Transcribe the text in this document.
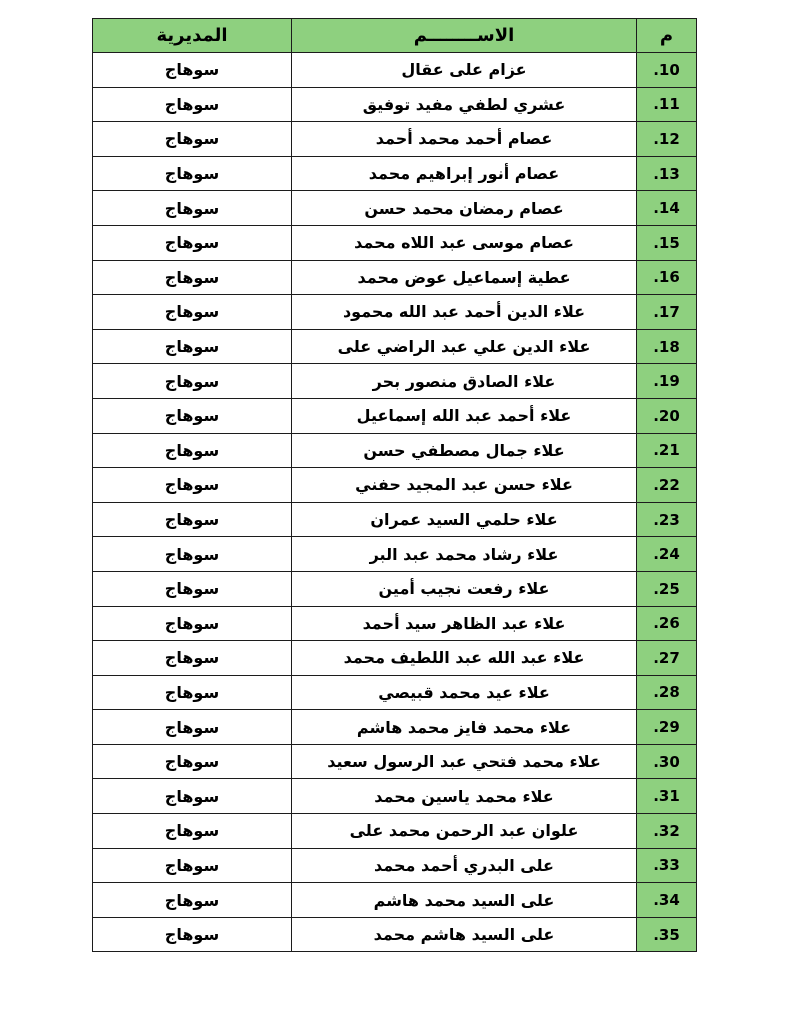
م	الاســــــــم	المديرية
10.	عزام على عقال	سوهاج
11.	عشري لطفي مفيد توفيق	سوهاج
12.	عصام أحمد محمد أحمد	سوهاج
13.	عصام أنور إبراهيم محمد	سوهاج
14.	عصام رمضان محمد حسن	سوهاج
15.	عصام موسى عبد اللاه محمد	سوهاج
16.	عطية إسماعيل عوض محمد	سوهاج
17.	علاء الدين أحمد عبد الله محمود	سوهاج
18.	علاء الدين علي عبد الراضي على	سوهاج
19.	علاء الصادق منصور بحر	سوهاج
20.	علاء أحمد عبد الله إسماعيل	سوهاج
21.	علاء جمال مصطفي حسن	سوهاج
22.	علاء حسن عبد المجيد حفني	سوهاج
23.	علاء حلمي السيد عمران	سوهاج
24.	علاء رشاد محمد عبد البر	سوهاج
25.	علاء رفعت نجيب أمين	سوهاج
26.	علاء عبد الظاهر سيد أحمد	سوهاج
27.	علاء عبد الله عبد اللطيف محمد	سوهاج
28.	علاء عيد محمد قبيصي	سوهاج
29.	علاء محمد فايز محمد هاشم	سوهاج
30.	علاء محمد فتحي عبد الرسول سعيد	سوهاج
31.	علاء محمد ياسين محمد	سوهاج
32.	علوان عبد الرحمن محمد على	سوهاج
33.	على البدري أحمد محمد	سوهاج
34.	على السيد محمد هاشم	سوهاج
35.	على السيد هاشم محمد	سوهاج
